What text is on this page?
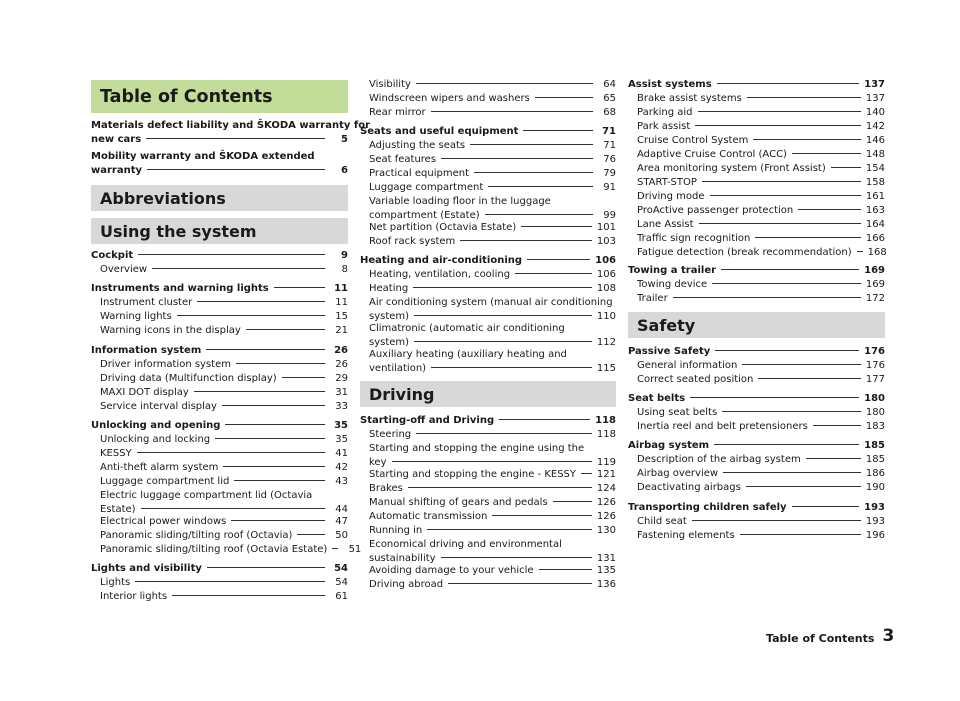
Table of Contents
Materials defect liability and ŠKODA warranty for
new cars	5
Mobility warranty and ŠKODA extended
warranty	6
Abbreviations
Using the system
Cockpit	9
Overview	8
Instruments and warning lights	11
Instrument cluster	11
Warning lights	15
Warning icons in the display	21
Information system	26
Driver information system	26
Driving data (Multifunction display)	29
MAXI DOT display	31
Service interval display	33
Unlocking and opening	35
Unlocking and locking	35
KESSY	41
Anti-theft alarm system	42
Luggage compartment lid	43
Electric luggage compartment lid (Octavia
Estate)	44
Electrical power windows	47
Panoramic sliding/tilting roof (Octavia)	50
Panoramic sliding/tilting roof (Octavia Estate)	51
Lights and visibility	54
Lights	54
Interior lights	61
Visibility	64
Windscreen wipers and washers	65
Rear mirror	68
Seats and useful equipment	71
Adjusting the seats	71
Seat features	76
Practical equipment	79
Luggage compartment	91
Variable loading floor in the luggage
compartment (Estate)	99
Net partition (Octavia Estate)	101
Roof rack system	103
Heating and air-conditioning	106
Heating, ventilation, cooling	106
Heating	108
Air conditioning system (manual air conditioning
system)	110
Climatronic (automatic air conditioning
system)	112
Auxiliary heating (auxiliary heating and
ventilation)	115
Driving
Starting-off and Driving	118
Steering	118
Starting and stopping the engine using the
key	119
Starting and stopping the engine - KESSY 121
Brakes	124
Manual shifting of gears and pedals	126
Automatic transmission	126
Running in	130
Economical driving and environmental
sustainability	131
Avoiding damage to your vehicle	135
Driving abroad	136
Assist systems	137
Brake assist systems	137
Parking aid	140
Park assist	142
Cruise Control System	146
Adaptive Cruise Control (ACC)	148
Area monitoring system (Front Assist)	154
START-STOP	158
Driving mode	161
ProActive passenger protection	163
Lane Assist	164
Traffic sign recognition	166
Fatigue detection (break recommendation) 168
Towing a trailer	169
Towing device	169
Trailer	172
Safety
Passive Safety	176
General information	176
Correct seated position	177
Seat belts	180
Using seat belts	180
Inertia reel and belt pretensioners	183
Airbag system	185
Description of the airbag system	185
Airbag overview	186
Deactivating airbags	190
Transporting children safely	193
Child seat	193
Fastening elements	196
Table of Contents 3
